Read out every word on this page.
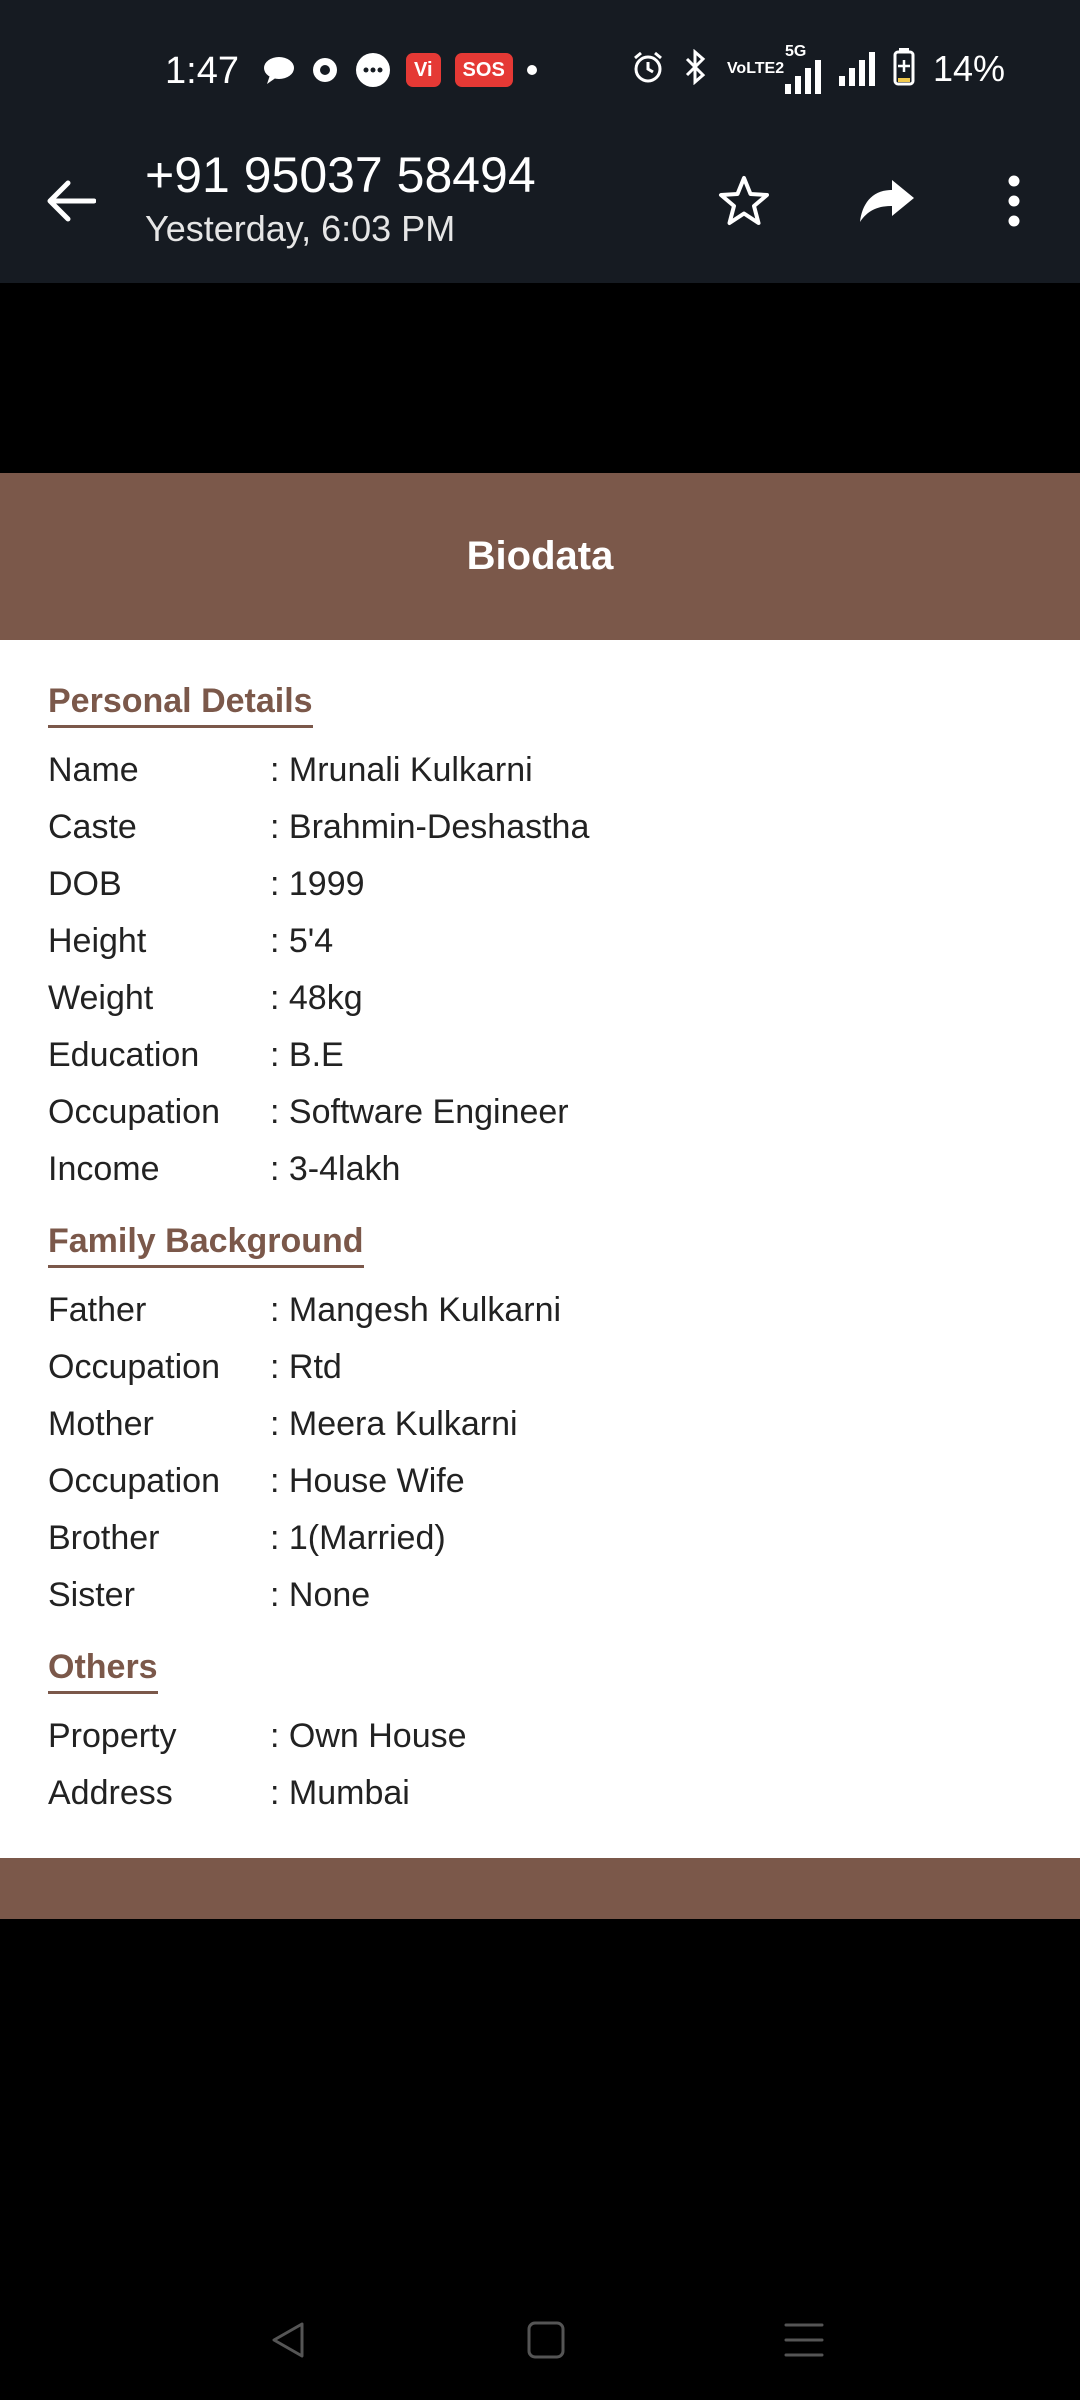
1:47	Vi	SOS	VoLTE2
5G	14%
+91 95037 58494
Yesterday, 6:03 PM
Biodata
Personal Details
Name	: Mrunali Kulkarni
Caste	: Brahmin-Deshastha
DOB	: 1999
Height	: 5'4
Weight	: 48kg
Education	: B.E
Occupation	: Software Engineer
Income	: 3-4lakh
Family Background
Father	: Mangesh Kulkarni
Occupation	: Rtd
Mother	: Meera Kulkarni
Occupation	: House Wife
Brother	: 1(Married)
Sister	: None
Others
Property	: Own House
Address	: Mumbai
